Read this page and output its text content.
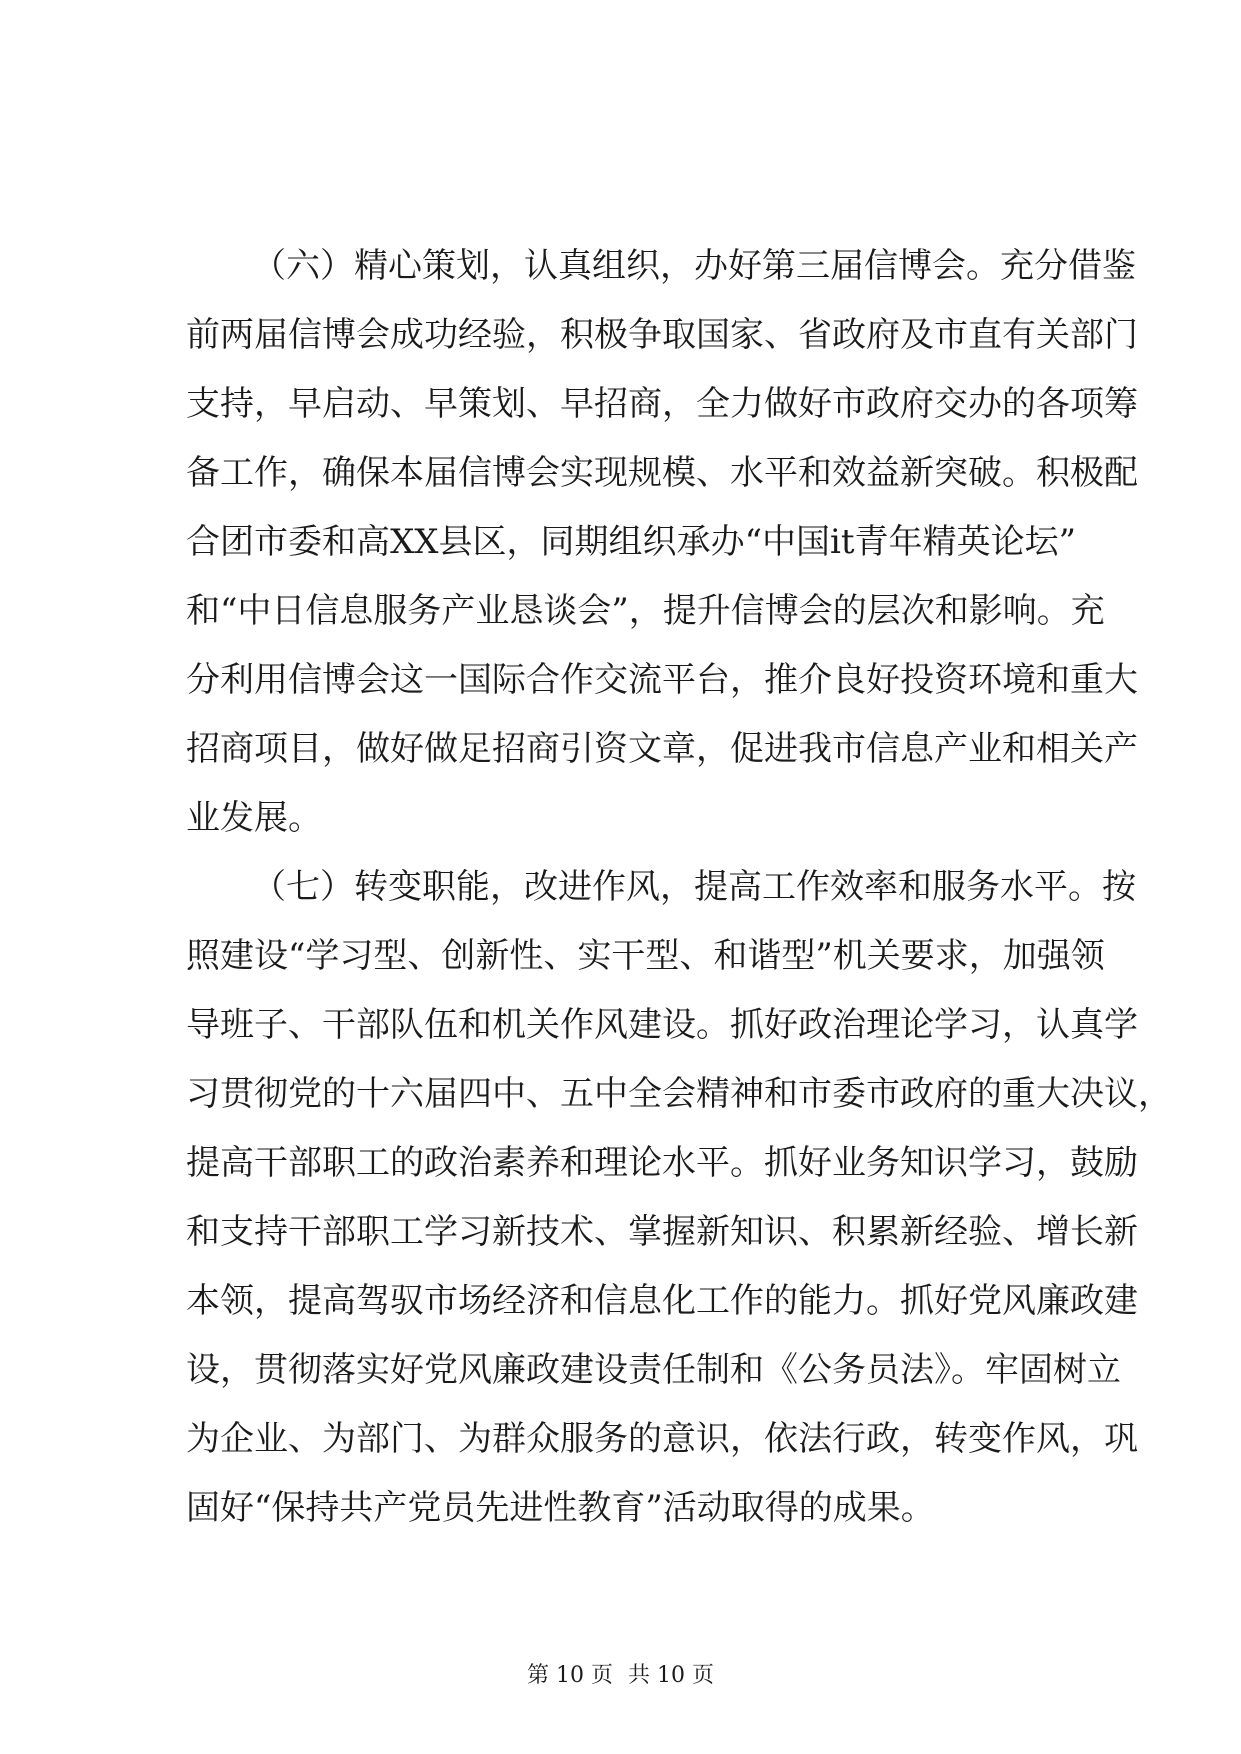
（六）精心策划，认真组织，办好第三届信博会。充分借鉴
前两届信博会成功经验，积极争取国家、省政府及市直有关部门
支持，早启动、早策划、早招商，全力做好市政府交办的各项筹
备工作，确保本届信博会实现规模、水平和效益新突破。积极配
合团市委和高XX县区，同期组织承办“中国it青年精英论坛”
和“中日信息服务产业恳谈会”，提升信博会的层次和影响。充
分利用信博会这一国际合作交流平台，推介良好投资环境和重大
招商项目，做好做足招商引资文章，促进我市信息产业和相关产
业发展。
（七）转变职能，改进作风，提高工作效率和服务水平。按
照建设“学习型、创新性、实干型、和谐型”机关要求，加强领
导班子、干部队伍和机关作风建设。抓好政治理论学习，认真学
习贯彻党的十六届四中、五中全会精神和市委市政府的重大决议，
提高干部职工的政治素养和理论水平。抓好业务知识学习，鼓励
和支持干部职工学习新技术、掌握新知识、积累新经验、增长新
本领，提高驾驭市场经济和信息化工作的能力。抓好党风廉政建
设，贯彻落实好党风廉政建设责任制和《公务员法》。牢固树立
为企业、为部门、为群众服务的意识，依法行政，转变作风，巩
固好“保持共产党员先进性教育”活动取得的成果。
第 10 页 共 10 页
